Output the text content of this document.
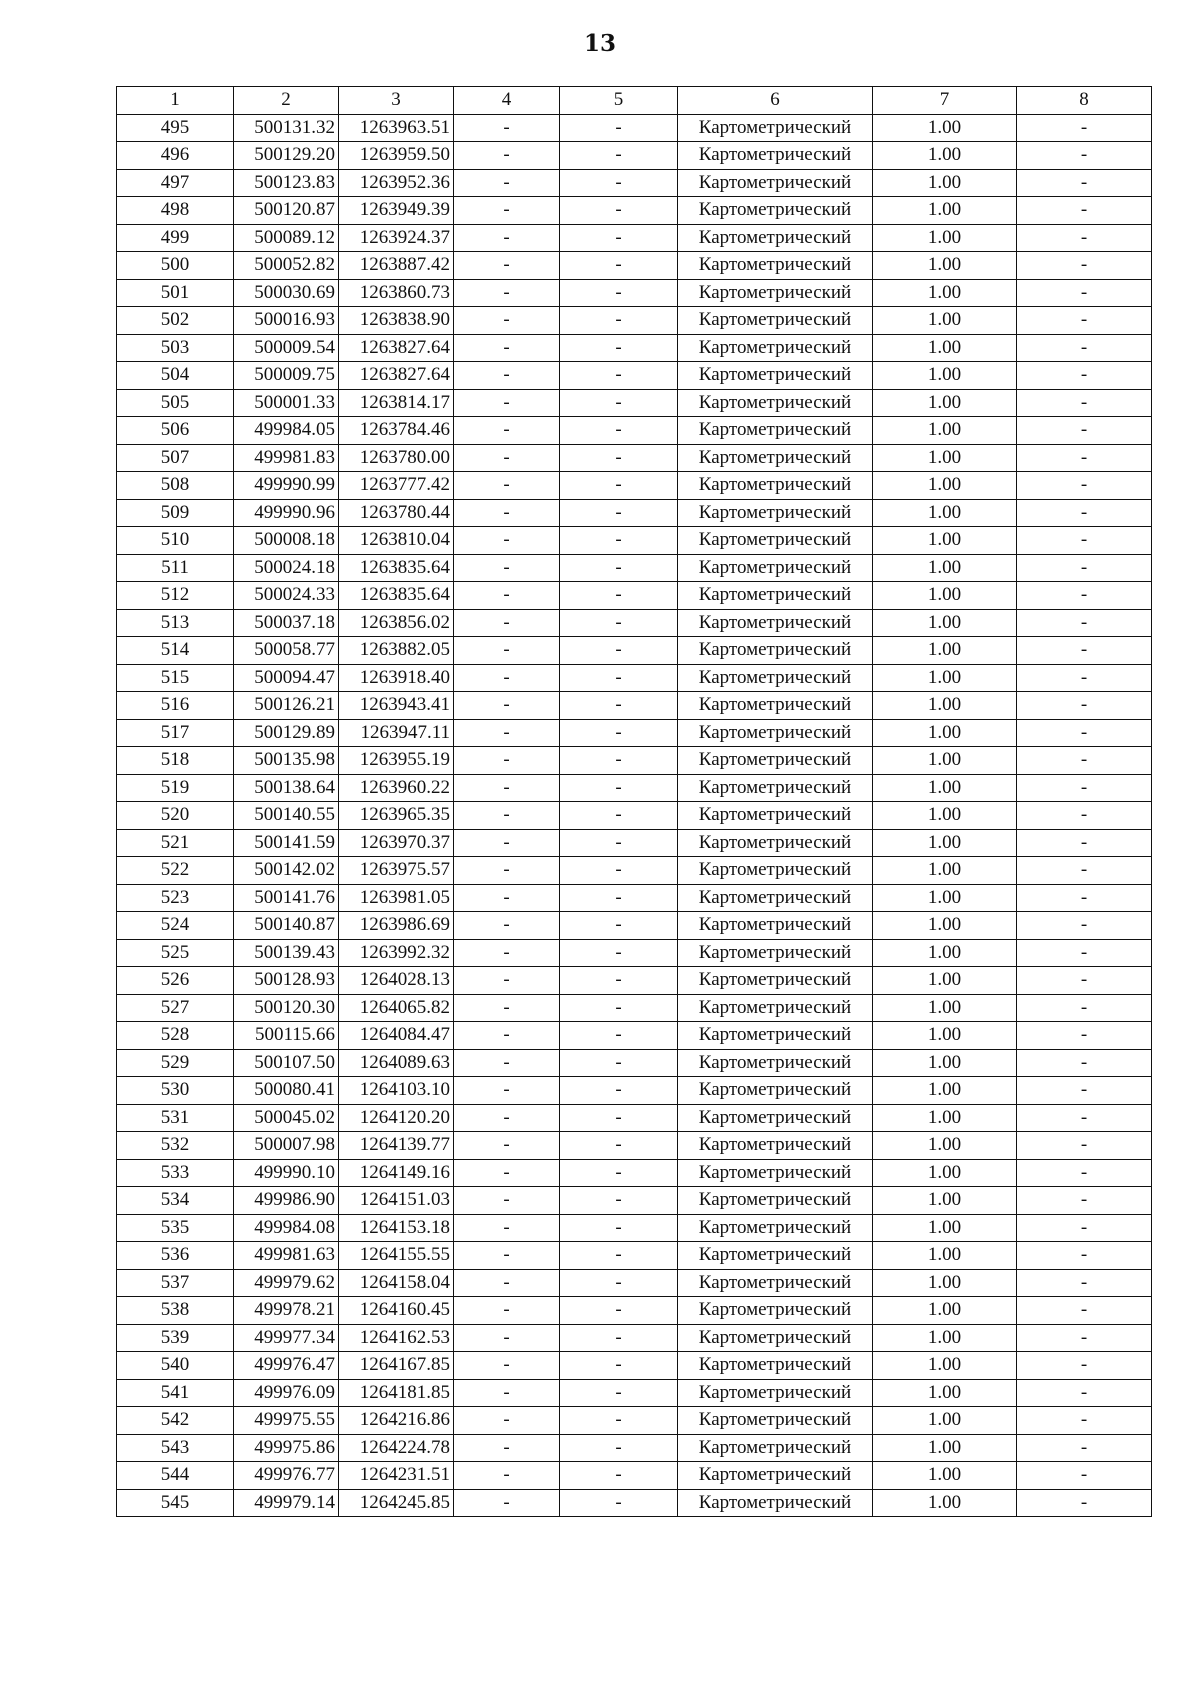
13
1	2	3	4	5	6	7	8
495	500131.32	1263963.51	-	-	Картометрический	1.00	-
496	500129.20	1263959.50	-	-	Картометрический	1.00	-
497	500123.83	1263952.36	-	-	Картометрический	1.00	-
498	500120.87	1263949.39	-	-	Картометрический	1.00	-
499	500089.12	1263924.37	-	-	Картометрический	1.00	-
500	500052.82	1263887.42	-	-	Картометрический	1.00	-
501	500030.69	1263860.73	-	-	Картометрический	1.00	-
502	500016.93	1263838.90	-	-	Картометрический	1.00	-
503	500009.54	1263827.64	-	-	Картометрический	1.00	-
504	500009.75	1263827.64	-	-	Картометрический	1.00	-
505	500001.33	1263814.17	-	-	Картометрический	1.00	-
506	499984.05	1263784.46	-	-	Картометрический	1.00	-
507	499981.83	1263780.00	-	-	Картометрический	1.00	-
508	499990.99	1263777.42	-	-	Картометрический	1.00	-
509	499990.96	1263780.44	-	-	Картометрический	1.00	-
510	500008.18	1263810.04	-	-	Картометрический	1.00	-
511	500024.18	1263835.64	-	-	Картометрический	1.00	-
512	500024.33	1263835.64	-	-	Картометрический	1.00	-
513	500037.18	1263856.02	-	-	Картометрический	1.00	-
514	500058.77	1263882.05	-	-	Картометрический	1.00	-
515	500094.47	1263918.40	-	-	Картометрический	1.00	-
516	500126.21	1263943.41	-	-	Картометрический	1.00	-
517	500129.89	1263947.11	-	-	Картометрический	1.00	-
518	500135.98	1263955.19	-	-	Картометрический	1.00	-
519	500138.64	1263960.22	-	-	Картометрический	1.00	-
520	500140.55	1263965.35	-	-	Картометрический	1.00	-
521	500141.59	1263970.37	-	-	Картометрический	1.00	-
522	500142.02	1263975.57	-	-	Картометрический	1.00	-
523	500141.76	1263981.05	-	-	Картометрический	1.00	-
524	500140.87	1263986.69	-	-	Картометрический	1.00	-
525	500139.43	1263992.32	-	-	Картометрический	1.00	-
526	500128.93	1264028.13	-	-	Картометрический	1.00	-
527	500120.30	1264065.82	-	-	Картометрический	1.00	-
528	500115.66	1264084.47	-	-	Картометрический	1.00	-
529	500107.50	1264089.63	-	-	Картометрический	1.00	-
530	500080.41	1264103.10	-	-	Картометрический	1.00	-
531	500045.02	1264120.20	-	-	Картометрический	1.00	-
532	500007.98	1264139.77	-	-	Картометрический	1.00	-
533	499990.10	1264149.16	-	-	Картометрический	1.00	-
534	499986.90	1264151.03	-	-	Картометрический	1.00	-
535	499984.08	1264153.18	-	-	Картометрический	1.00	-
536	499981.63	1264155.55	-	-	Картометрический	1.00	-
537	499979.62	1264158.04	-	-	Картометрический	1.00	-
538	499978.21	1264160.45	-	-	Картометрический	1.00	-
539	499977.34	1264162.53	-	-	Картометрический	1.00	-
540	499976.47	1264167.85	-	-	Картометрический	1.00	-
541	499976.09	1264181.85	-	-	Картометрический	1.00	-
542	499975.55	1264216.86	-	-	Картометрический	1.00	-
543	499975.86	1264224.78	-	-	Картометрический	1.00	-
544	499976.77	1264231.51	-	-	Картометрический	1.00	-
545	499979.14	1264245.85	-	-	Картометрический	1.00	-
